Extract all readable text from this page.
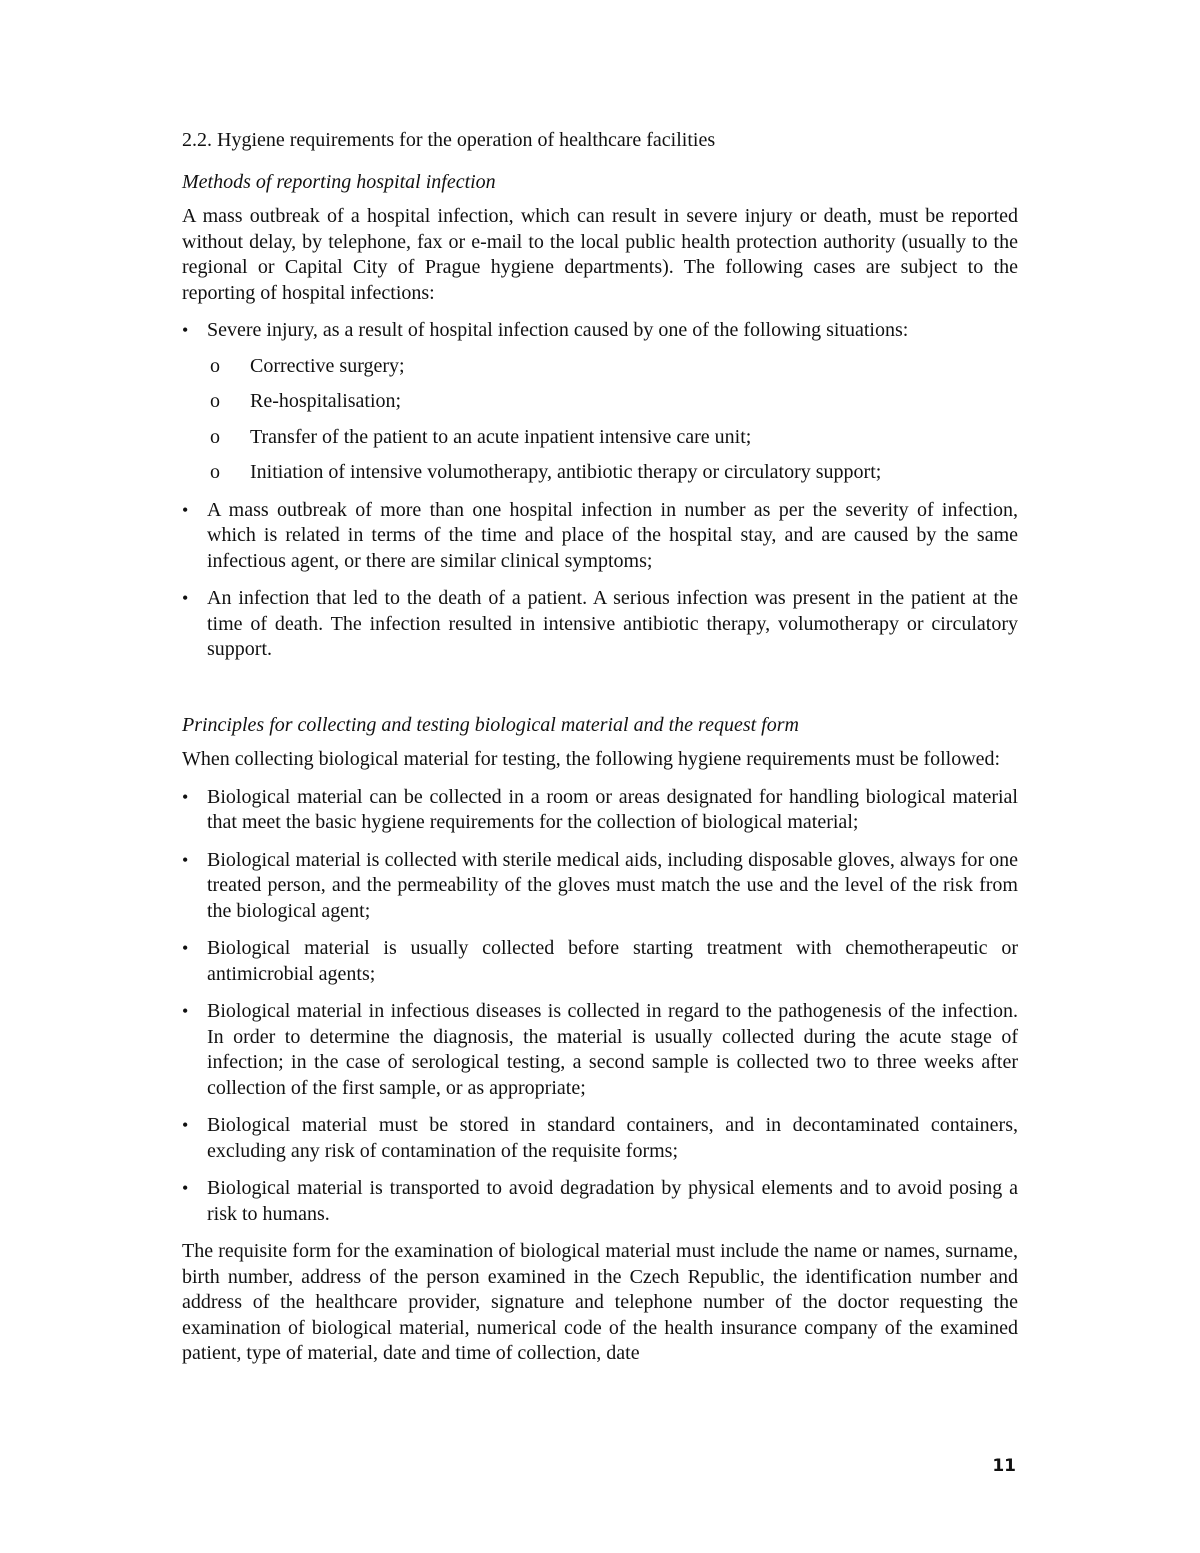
2.2. Hygiene requirements for the operation of healthcare facilities
Methods of reporting hospital infection

A mass outbreak of a hospital infection, which can result in severe injury or death, must be reported without delay, by telephone, fax or e-mail to the local public health protection authority (usually to the regional or Capital City of Prague hygiene departments). The following cases are subject to the reporting of hospital infections:

• Severe injury, as a result of hospital infection caused by one of the following situations:
o Corrective surgery;
o Re-hospitalisation;
o Transfer of the patient to an acute inpatient intensive care unit;
o Initiation of intensive volumotherapy, antibiotic therapy or circulatory support;
• A mass outbreak of more than one hospital infection in number as per the severity of infection, which is related in terms of the time and place of the hospital stay, and are caused by the same infectious agent, or there are similar clinical symptoms;
• An infection that led to the death of a patient. A serious infection was present in the patient at the time of death. The infection resulted in intensive antibiotic therapy, volumotherapy or circulatory support.
Principles for collecting and testing biological material and the request form

When collecting biological material for testing, the following hygiene requirements must be followed:

• Biological material can be collected in a room or areas designated for handling biological material that meet the basic hygiene requirements for the collection of biological material;
• Biological material is collected with sterile medical aids, including disposable gloves, always for one treated person, and the permeability of the gloves must match the use and the level of the risk from the biological agent;
• Biological material is usually collected before starting treatment with chemotherapeutic or antimicrobial agents;
• Biological material in infectious diseases is collected in regard to the pathogenesis of the infection. In order to determine the diagnosis, the material is usually collected during the acute stage of infection; in the case of serological testing, a second sample is collected two to three weeks after collection of the first sample, or as appropriate;
• Biological material must be stored in standard containers, and in decontaminated containers, excluding any risk of contamination of the requisite forms;
• Biological material is transported to avoid degradation by physical elements and to avoid posing a risk to humans.

The requisite form for the examination of biological material must include the name or names, surname, birth number, address of the person examined in the Czech Republic, the identification number and address of the healthcare provider, signature and telephone number of the doctor requesting the examination of biological material, numerical code of the health insurance company of the examined patient, type of material, date and time of collection, date

11
